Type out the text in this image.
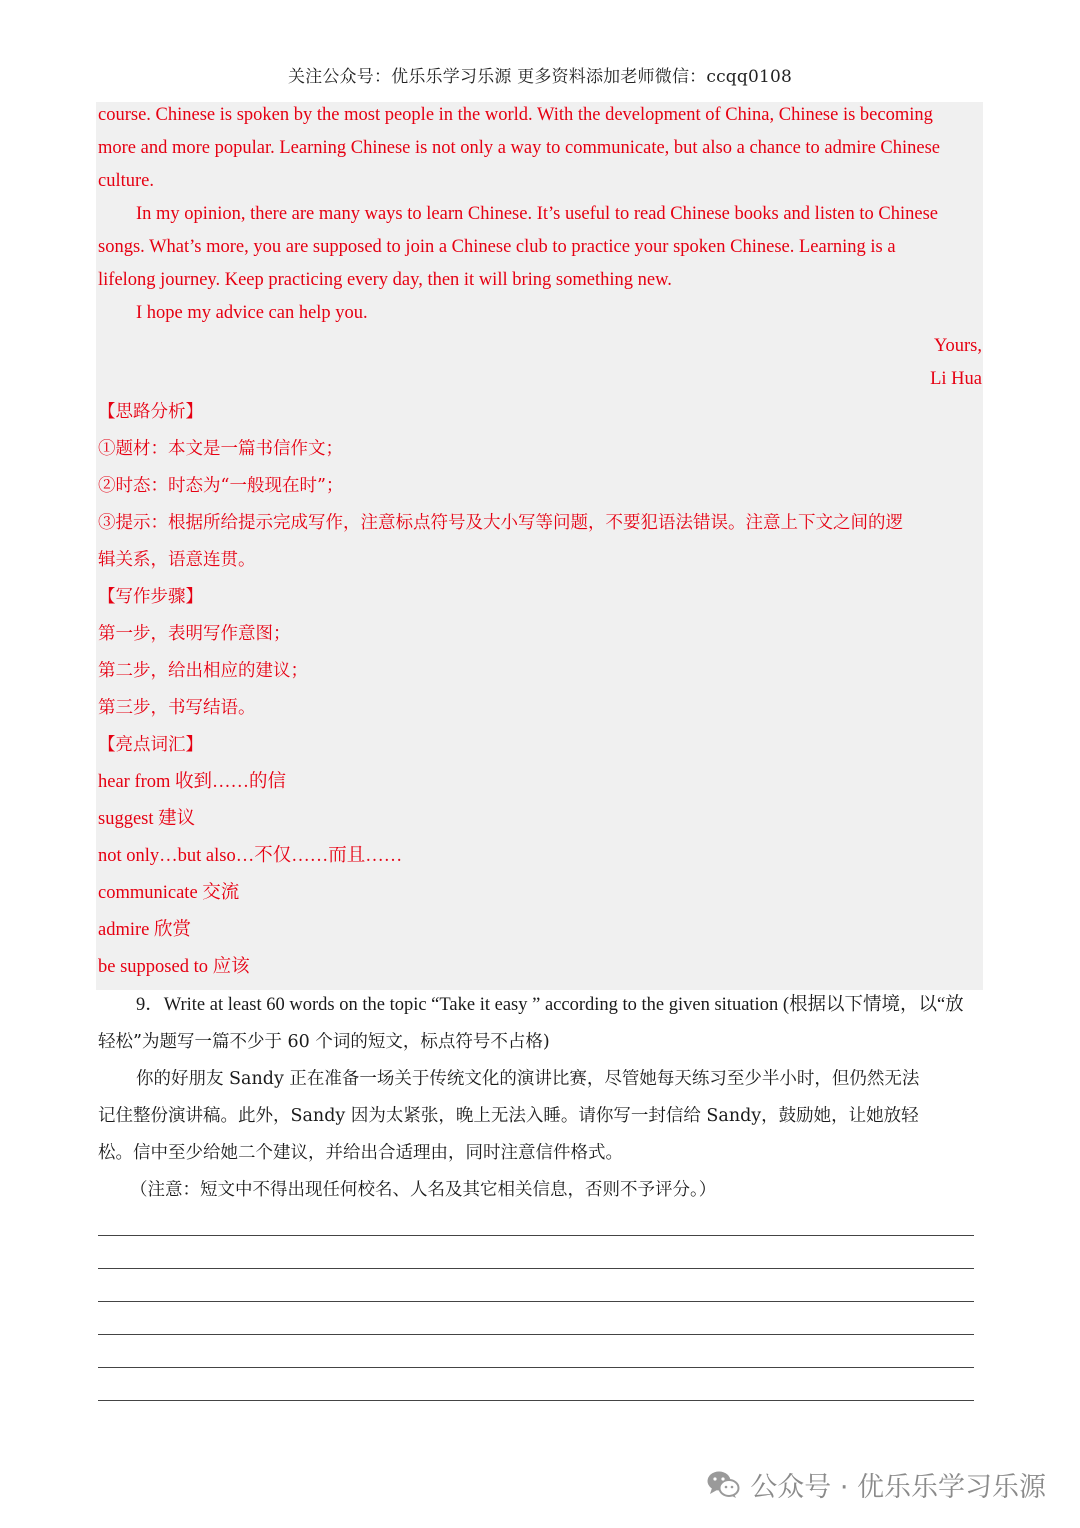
关注公众号：优乐乐学习乐源 更多资料添加老师微信：ccqq0108
course. Chinese is spoken by the most people in the world. With the development of China, Chinese is becoming
more and more popular. Learning Chinese is not only a way to communicate, but also a chance to admire Chinese
culture.
In my opinion, there are many ways to learn Chinese. It’s useful to read Chinese books and listen to Chinese
songs. What’s more, you are supposed to join a Chinese club to practice your spoken Chinese. Learning is a
lifelong journey. Keep practicing every day, then it will bring something new.
I hope my advice can help you.
Yours,
Li Hua
【思路分析】
①题材：本文是一篇书信作文；
②时态：时态为“一般现在时”；
③提示：根据所给提示完成写作，注意标点符号及大小写等问题，不要犯语法错误。注意上下文之间的逻
辑关系，语意连贯。
【写作步骤】
第一步，表明写作意图；
第二步，给出相应的建议；
第三步，书写结语。
【亮点词汇】
hear from 收到……的信
suggest 建议
not only…but also…不仅……而且……
communicate 交流
admire 欣赏
be supposed to 应该
9．Write at least 60 words on the topic “Take it easy ” according to the given situation (根据以下情境，以“放
轻松”为题写一篇不少于 60 个词的短文，标点符号不占格)
你的好朋友 Sandy 正在准备一场关于传统文化的演讲比赛，尽管她每天练习至少半小时，但仍然无法
记住整份演讲稿。此外，Sandy 因为太紧张，晚上无法入睡。请你写一封信给 Sandy，鼓励她，让她放轻
松。信中至少给她二个建议，并给出合适理由，同时注意信件格式。
（注意：短文中不得出现任何校名、人名及其它相关信息，否则不予评分。）
公众号 · 优乐乐学习乐源
